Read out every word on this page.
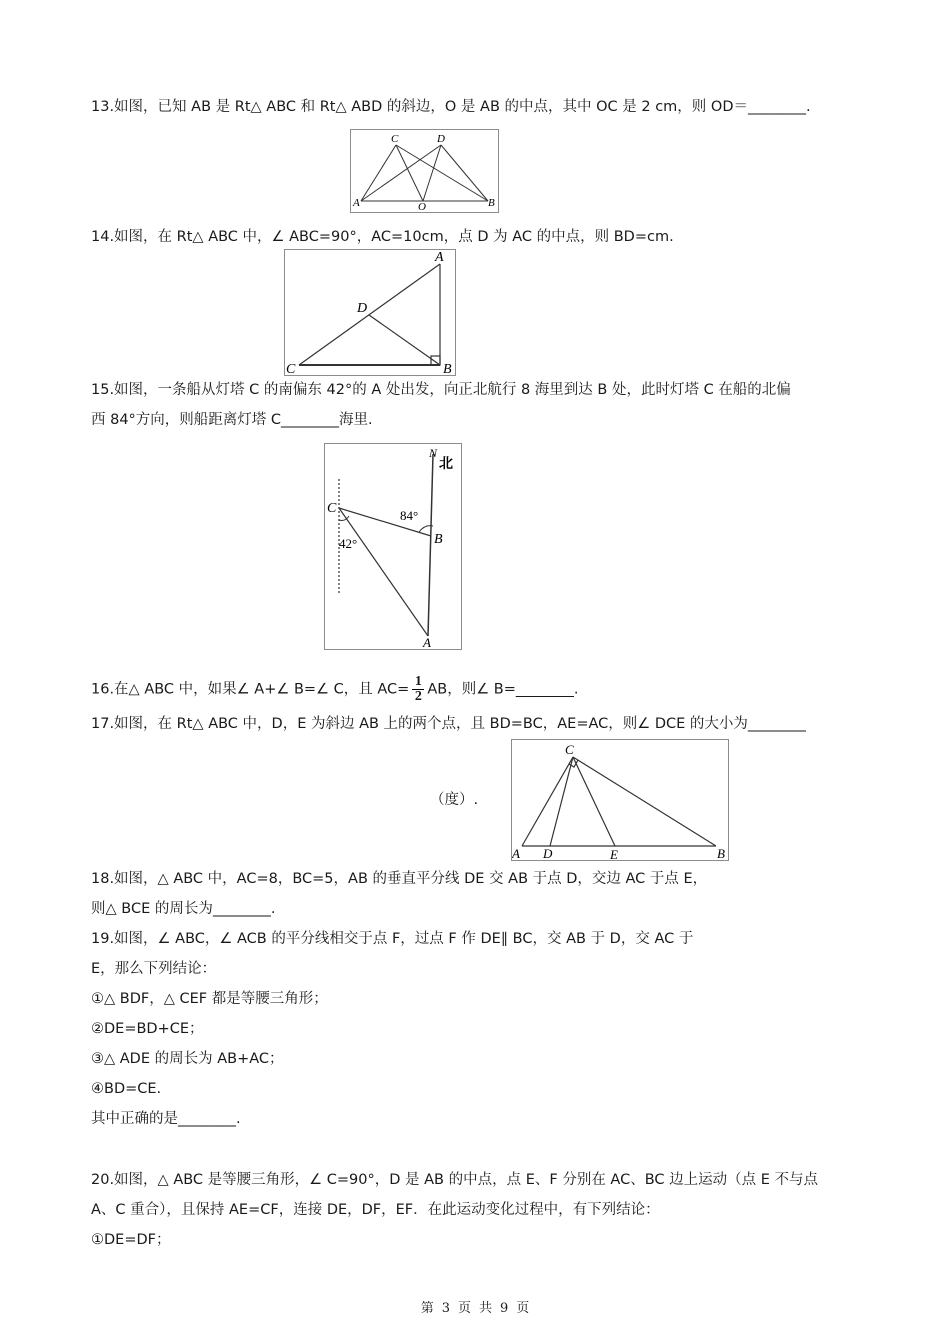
13.如图，已知 AB 是 Rt△ ABC 和 Rt△ ABD 的斜边，O 是 AB 的中点，其中 OC 是 2 cm，则 OD＝________.
A	B
C	D
O
14.如图，在 Rt△ ABC 中，∠ ABC=90°，AC=10cm，点 D 为 AC 的中点，则 BD=cm.
A
B
C
D
15.如图，一条船从灯塔 C 的南偏东 42°的 A 处出发，向正北航行 8 海里到达 B 处，此时灯塔 C 在船的北偏
西 84°方向，则船距离灯塔 C________海里.
N
北
C
B
A
84°
42°
16.在△ ABC 中，如果∠ A+∠ B=∠ C，且 $AC= \frac{1}{2}$ AB，则∠ B=________.
17.如图，在 Rt△ ABC 中，D，E 为斜边 AB 上的两个点，且 BD=BC，AE=AC，则∠ DCE 的大小为________
（度）.
A	B
C
D	E
18.如图，△ ABC 中，AC=8，BC=5，AB 的垂直平分线 DE 交 AB 于点 D，交边 AC 于点 E，
则△ BCE 的周长为________.
19.如图，∠ ABC，∠ ACB 的平分线相交于点 F，过点 F 作 DE∥ BC，交 AB 于 D，交 AC 于
E，那么下列结论：
①△ BDF，△ CEF 都是等腰三角形；
②DE=BD+CE；
③△ ADE 的周长为 AB+AC；
④BD=CE.
其中正确的是________.
20.如图，△ ABC 是等腰三角形，∠ C=90°，D 是 AB 的中点，点 E、F 分别在 AC、BC 边上运动（点 E 不与点
A、C 重合），且保持 AE=CF，连接 DE，DF，EF．在此运动变化过程中，有下列结论：
①DE=DF；
第 3 页 共 9 页
